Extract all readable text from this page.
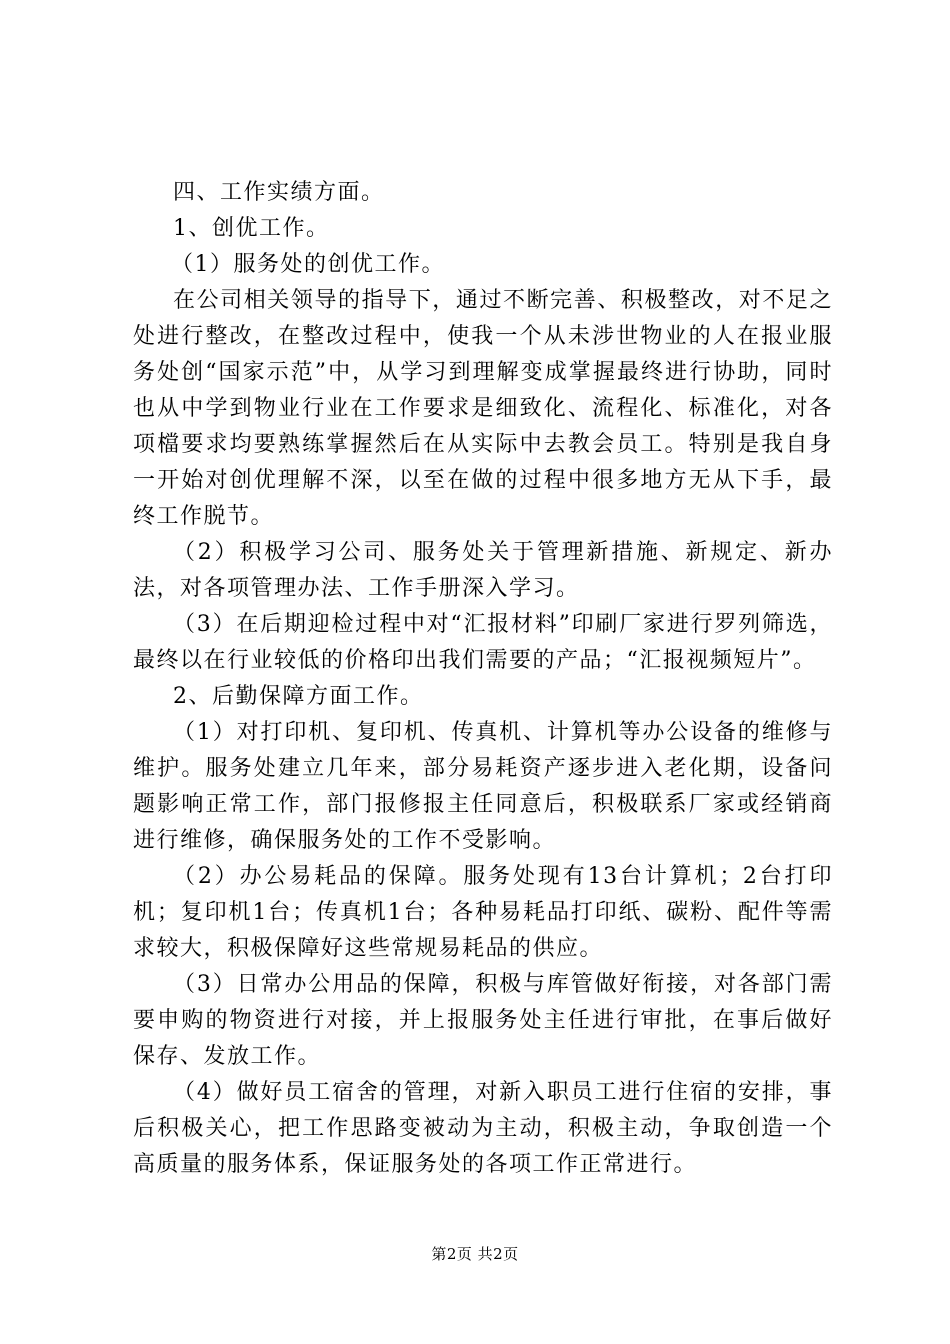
四、工作实绩方面。

1、创优工作。

（1）服务处的创优工作。

在公司相关领导的指导下，通过不断完善、积极整改，对不足之处进行整改，在整改过程中，使我一个从未涉世物业的人在报业服务处创“国家示范”中，从学习到理解变成掌握最终进行协助，同时也从中学到物业行业在工作要求是细致化、流程化、标准化，对各项檔要求均要熟练掌握然后在从实际中去教会员工。特别是我自身一开始对创优理解不深，以至在做的过程中很多地方无从下手，最终工作脱节。

（2）积极学习公司、服务处关于管理新措施、新规定、新办法，对各项管理办法、工作手册深入学习。

（3）在后期迎检过程中对“汇报材料”印刷厂家进行罗列筛选，最终以在行业较低的价格印出我们需要的产品；“汇报视频短片”。

2、后勤保障方面工作。

（1）对打印机、复印机、传真机、计算机等办公设备的维修与维护。服务处建立几年来，部分易耗资产逐步进入老化期，设备问题影响正常工作，部门报修报主任同意后，积极联系厂家或经销商进行维修，确保服务处的工作不受影响。

（2）办公易耗品的保障。服务处现有13台计算机；2台打印机；复印机1台；传真机1台；各种易耗品打印纸、碳粉、配件等需求较大，积极保障好这些常规易耗品的供应。

（3）日常办公用品的保障，积极与库管做好衔接，对各部门需要申购的物资进行对接，并上报服务处主任进行审批，在事后做好保存、发放工作。

（4）做好员工宿舍的管理，对新入职员工进行住宿的安排，事后积极关心，把工作思路变被动为主动，积极主动，争取创造一个高质量的服务体系，保证服务处的各项工作正常进行。

第2页 共2页
